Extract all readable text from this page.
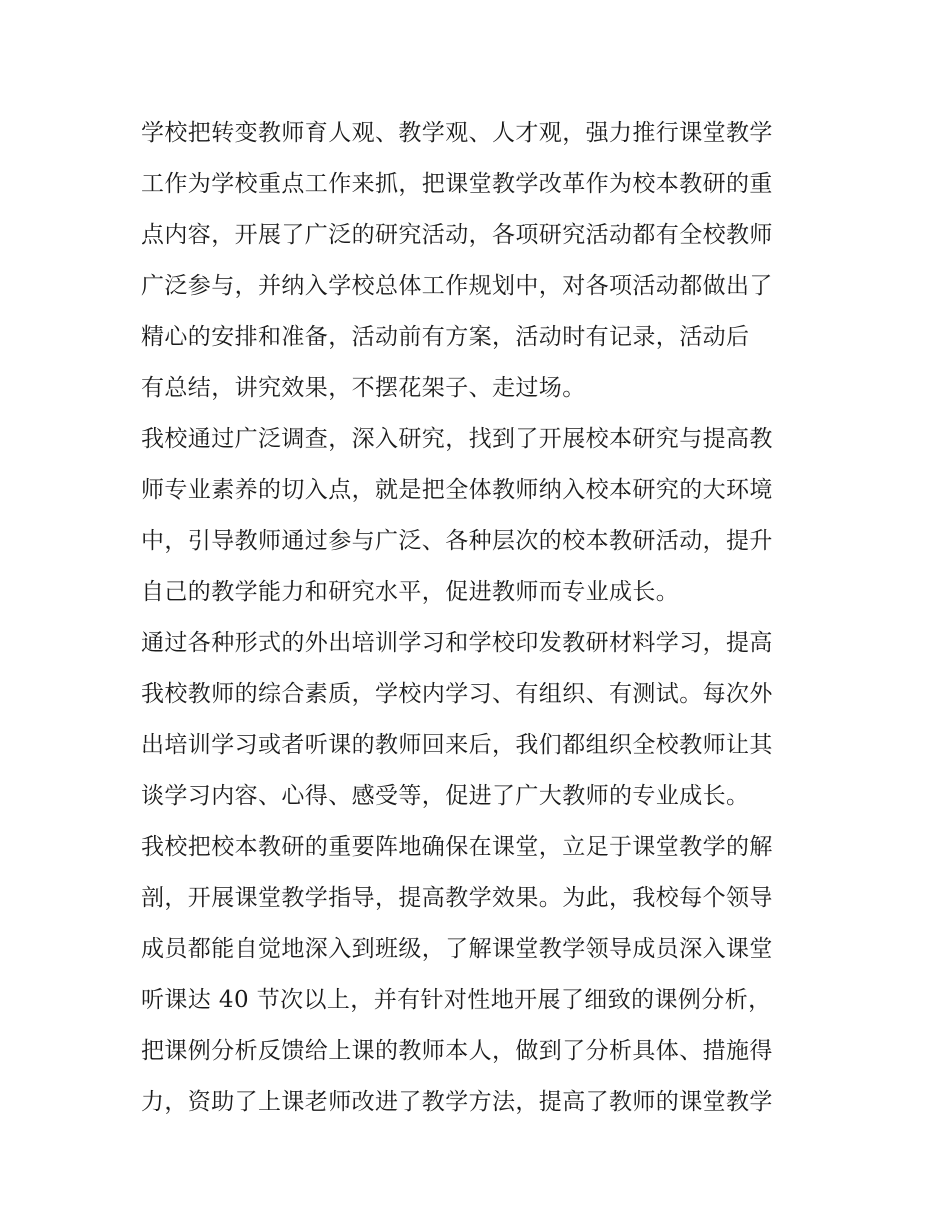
学校把转变教师育人观、教学观、人才观，强力推行课堂教学
工作为学校重点工作来抓，把课堂教学改革作为校本教研的重
点内容，开展了广泛的研究活动，各项研究活动都有全校教师
广泛参与，并纳入学校总体工作规划中，对各项活动都做出了
精心的安排和准备，活动前有方案，活动时有记录，活动后
有总结，讲究效果，不摆花架子、走过场。
我校通过广泛调查，深入研究，找到了开展校本研究与提高教
师专业素养的切入点，就是把全体教师纳入校本研究的大环境
中，引导教师通过参与广泛、各种层次的校本教研活动，提升
自己的教学能力和研究水平，促进教师而专业成长。
通过各种形式的外出培训学习和学校印发教研材料学习，提高
我校教师的综合素质，学校内学习、有组织、有测试。每次外
出培训学习或者听课的教师回来后，我们都组织全校教师让其
谈学习内容、心得、感受等，促进了广大教师的专业成长。
我校把校本教研的重要阵地确保在课堂，立足于课堂教学的解
剖，开展课堂教学指导，提高教学效果。为此，我校每个领导
成员都能自觉地深入到班级，了解课堂教学领导成员深入课堂
听课达 40 节次以上，并有针对性地开展了细致的课例分析，
把课例分析反馈给上课的教师本人，做到了分析具体、措施得
力，资助了上课老师改进了教学方法，提高了教师的课堂教学
